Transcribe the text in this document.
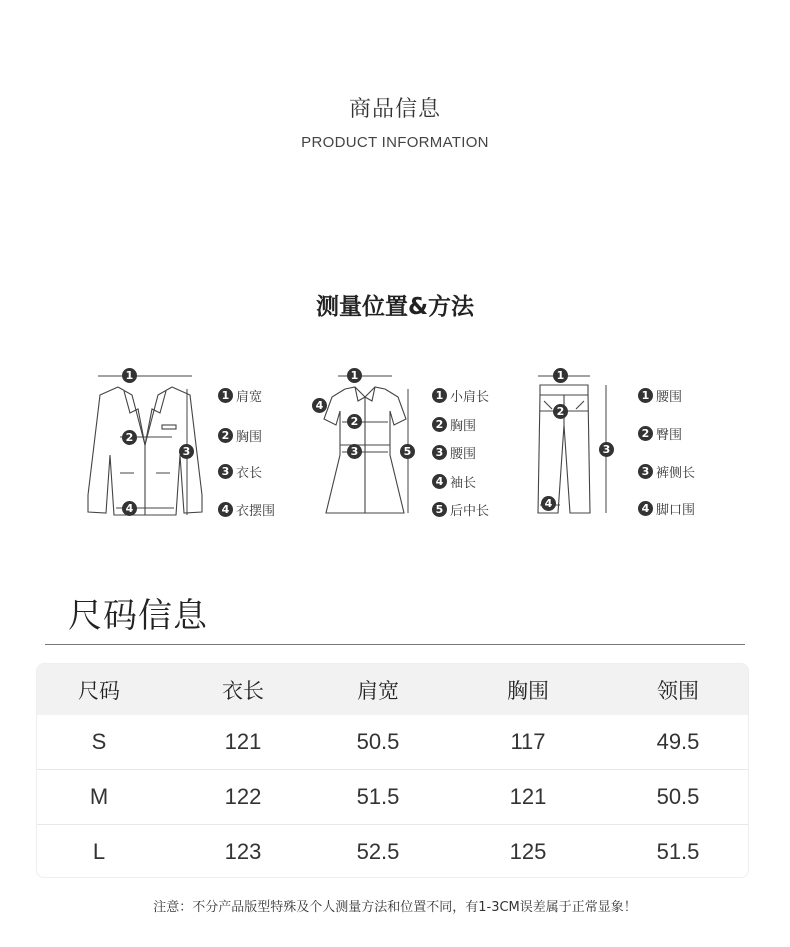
商品信息
PRODUCT INFORMATION
测量位置&方法
1
2
3
4
1 肩宽
2 胸围
3 衣长
4 衣摆围
1
2
3
4
5
1 小肩长
2 胸围
3 腰围
4 袖长
5 后中长
1
2
3
4
1 腰围
2 臀围
3 裤侧长
4 脚口围
尺码信息
尺码	衣长	肩宽	胸围	领围
S	121	50.5	117	49.5
M	122	51.5	121	50.5
L	123	52.5	125	51.5
注意：不分产品版型特殊及个人测量方法和位置不同，有1-3CM误差属于正常显象！
